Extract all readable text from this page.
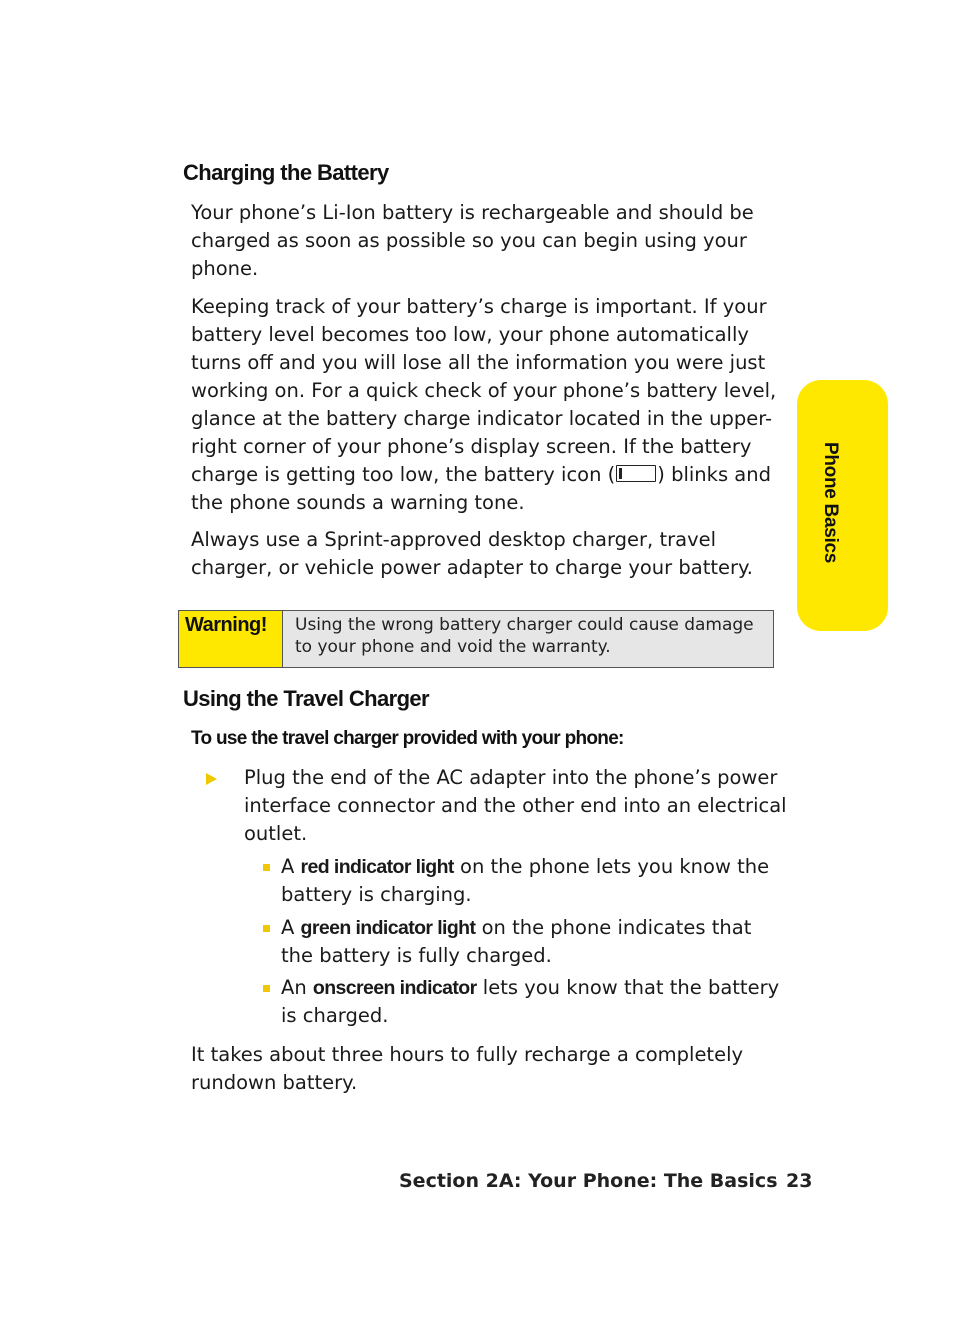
Charging the Battery

Your phone’s Li-Ion battery is rechargeable and should be charged as soon as possible so you can begin using your phone.

Keeping track of your battery’s charge is important. If your battery level becomes too low, your phone automatically turns off and you will lose all the information you were just working on. For a quick check of your phone’s battery level, glance at the battery charge indicator located in the upper-right corner of your phone’s display screen. If the battery charge is getting too low, the battery icon ( ) blinks and the phone sounds a warning tone.

Always use a Sprint-approved desktop charger, travel charger, or vehicle power adapter to charge your battery.

Warning!	Using the wrong battery charger could cause damage to your phone and void the warranty.
Using the Travel Charger
To use the travel charger provided with your phone:

Plug the end of the AC adapter into the phone’s power interface connector and the other end into an electrical outlet.

A red indicator light on the phone lets you know the battery is charging.

A green indicator light on the phone indicates that the battery is fully charged.

An onscreen indicator lets you know that the battery is charged.

It takes about three hours to fully recharge a completely rundown battery.

Phone Basics
Section 2A: Your Phone: The Basics 23
